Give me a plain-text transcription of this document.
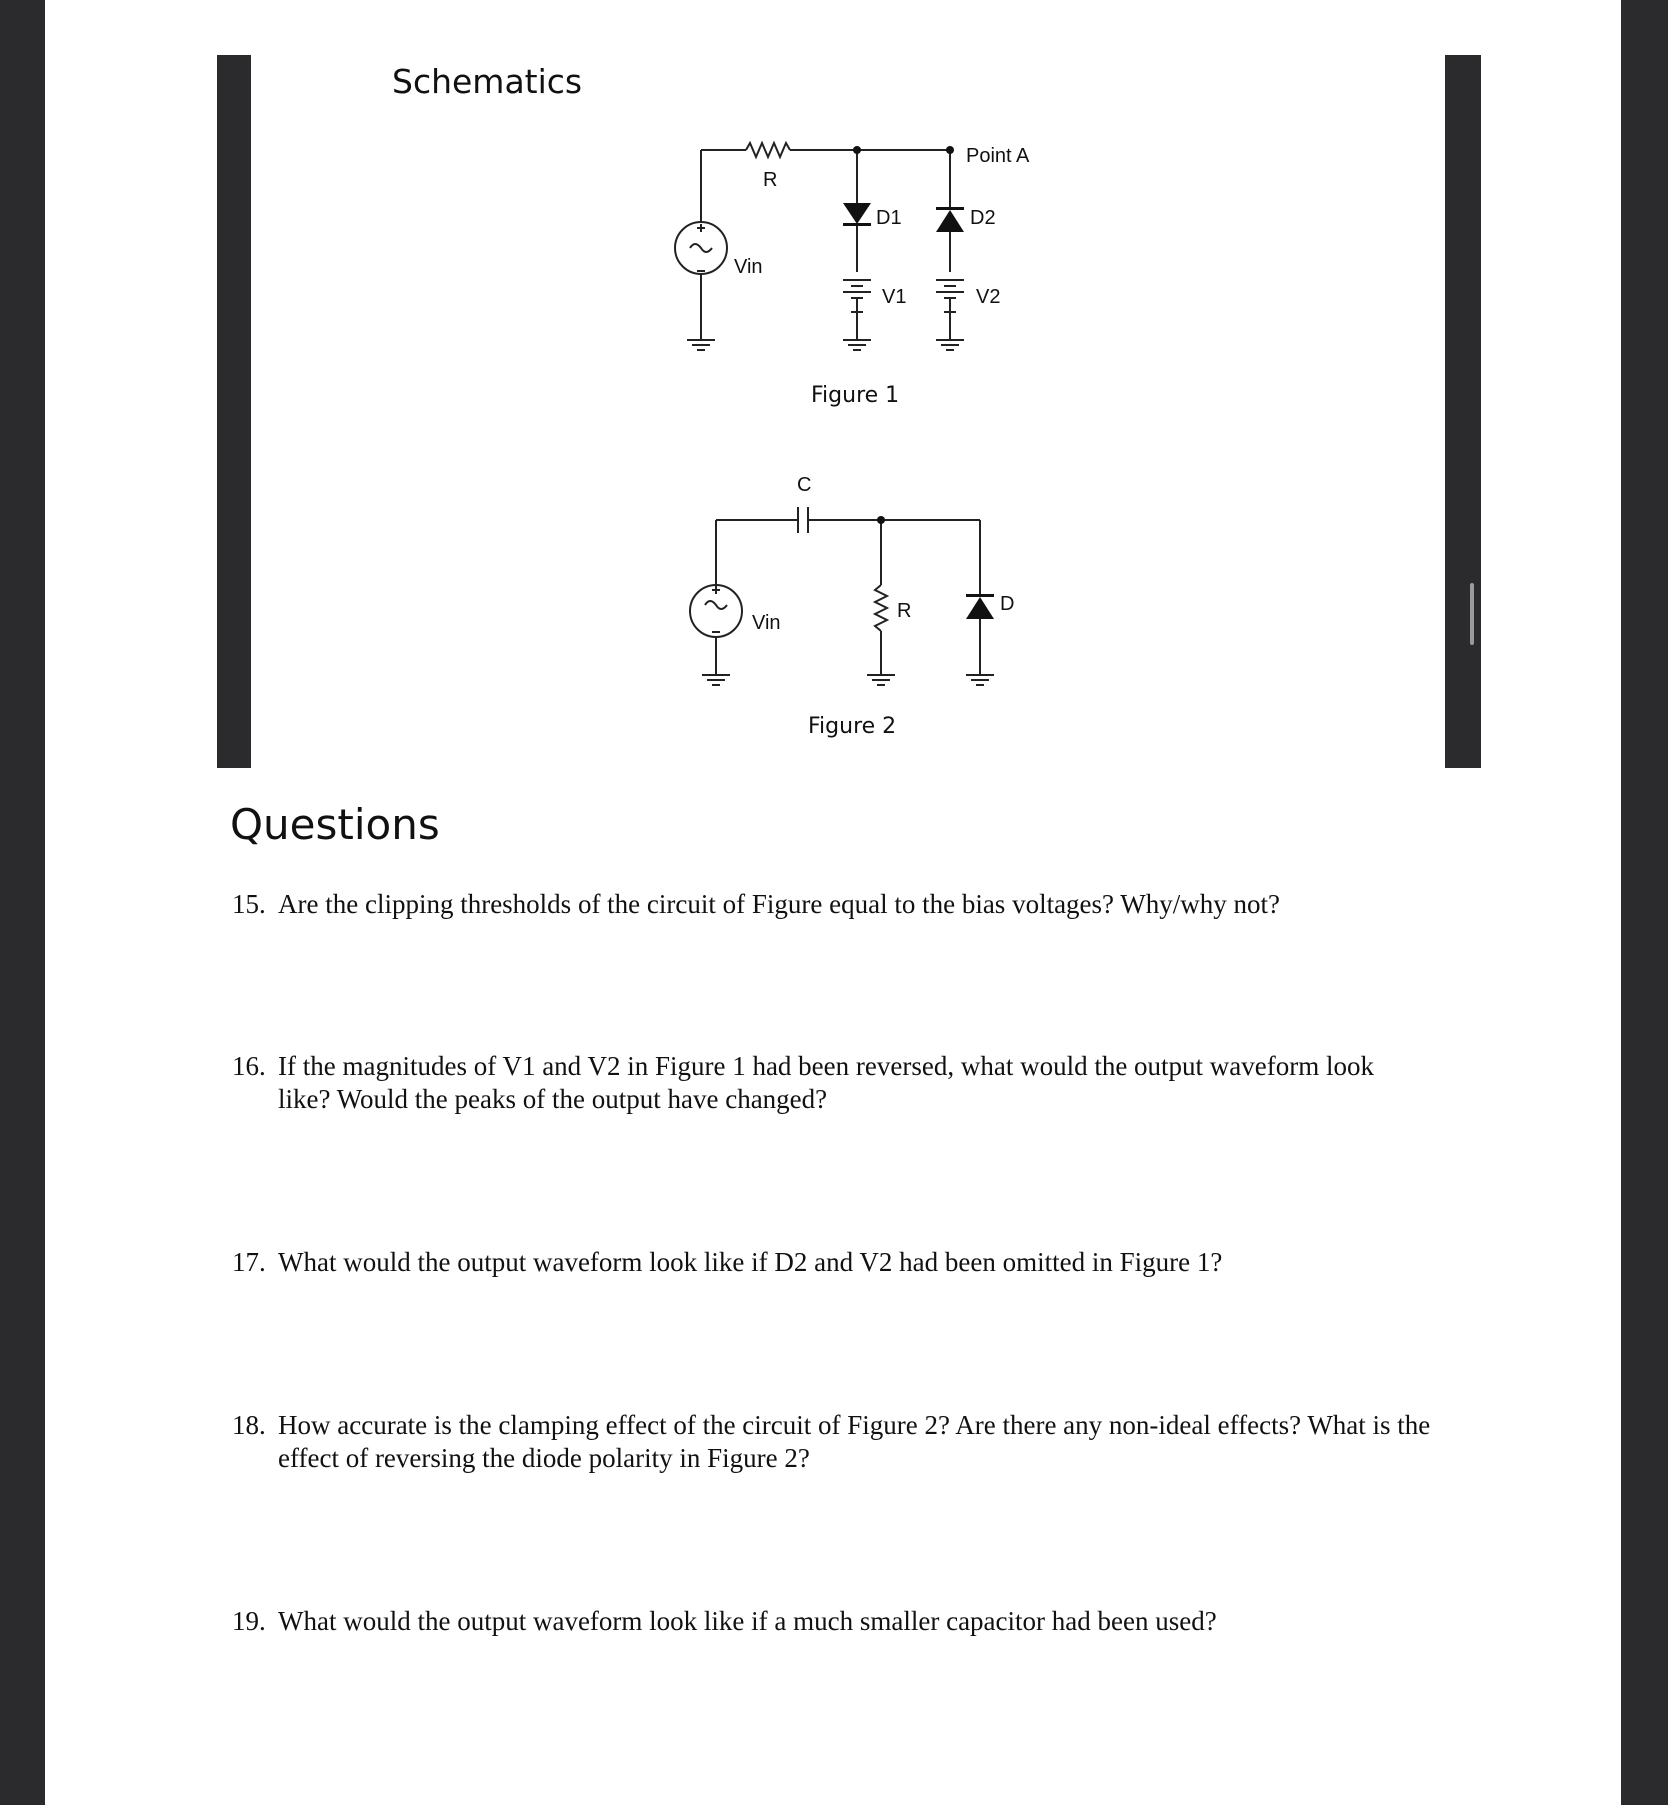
Schematics
R
Vin
D1	D2
V1	V2
Point A
C
Vin
R	D
Figure 1
Figure 2
Questions
15. Are the clipping thresholds of the circuit of Figure equal to the bias voltages? Why/why not?
16. If the magnitudes of V1 and V2 in Figure 1 had been reversed, what would the output waveform look like? Would the peaks of the output have changed?
17. What would the output waveform look like if D2 and V2 had been omitted in Figure 1?
18. How accurate is the clamping effect of the circuit of Figure 2? Are there any non-ideal effects? What is the effect of reversing the diode polarity in Figure 2?
19. What would the output waveform look like if a much smaller capacitor had been used?
